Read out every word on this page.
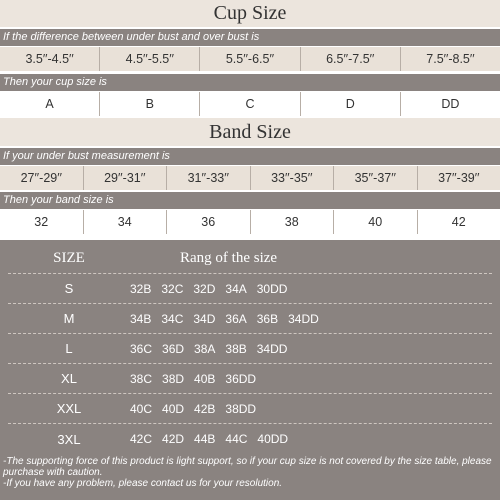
Cup Size
If the difference between under bust and over bust is
3.5′′-4.5′′	4.5′′-5.5′′	5.5′′-6.5′′	6.5′′-7.5′′	7.5′′-8.5′′
Then your cup size is
A	B	C	D	DD
Band Size
If your under bust measurement is
27′′-29′′	29′′-31′′	31′′-33′′	33′′-35′′	35′′-37′′	37′′-39′′
Then your band size is
32	34	36	38	40	42
SIZE	Rang of the size
S	32B 32C 32D 34A 30DD
M	34B 34C 34D 36A 36B 34DD
L	36C 36D 38A 38B 34DD
XL	38C 38D 40B 36DD
XXL	40C 40D 42B 38DD
3XL	42C 42D 44B 44C 40DD
-The supporting force of this product is light support, so if your cup size is not covered by the size table, please purchase with caution.
-If you have any problem, please contact us for your resolution.
